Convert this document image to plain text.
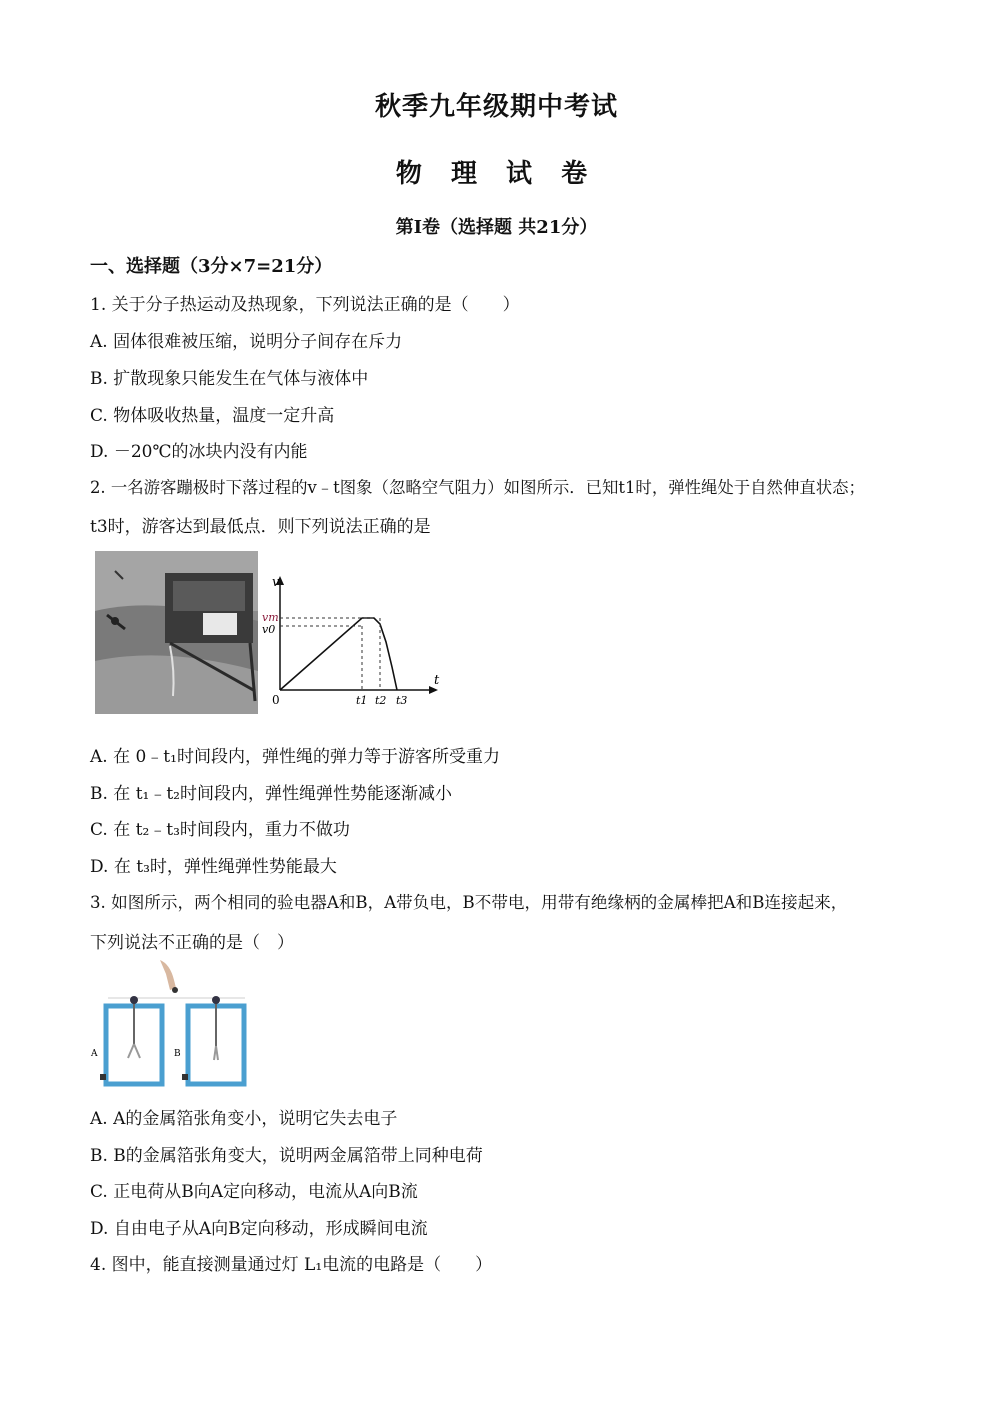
秋季九年级期中考试
物 理 试 卷
第Ⅰ卷（选择题 共21分）
一、选择题（3分×7=21分）
1. 关于分子热运动及热现象，下列说法正确的是（　　）
A. 固体很难被压缩，说明分子间存在斥力
B. 扩散现象只能发生在气体与液体中
C. 物体吸收热量，温度一定升高
D. －20℃的冰块内没有内能
2. 一名游客蹦极时下落过程的v﹣t图象（忽略空气阻力）如图所示．已知t1时，弹性绳处于自然伸直状态；
t3时，游客达到最低点．则下列说法正确的是
v
t
0
vm
v0
t1 t2 t3
A. 在 0﹣t₁时间段内，弹性绳的弹力等于游客所受重力
B. 在 t₁﹣t₂时间段内，弹性绳弹性势能逐渐减小
C. 在 t₂﹣t₃时间段内，重力不做功
D. 在 t₃时，弹性绳弹性势能最大
3. 如图所示，两个相同的验电器A和B，A带负电，B不带电，用带有绝缘柄的金属棒把A和B连接起来，
下列说法不正确的是（　）
A	B
A. A的金属箔张角变小，说明它失去电子
B. B的金属箔张角变大，说明两金属箔带上同种电荷
C. 正电荷从B向A定向移动，电流从A向B流
D. 自由电子从A向B定向移动，形成瞬间电流
4. 图中，能直接测量通过灯 L₁电流的电路是（　　）
